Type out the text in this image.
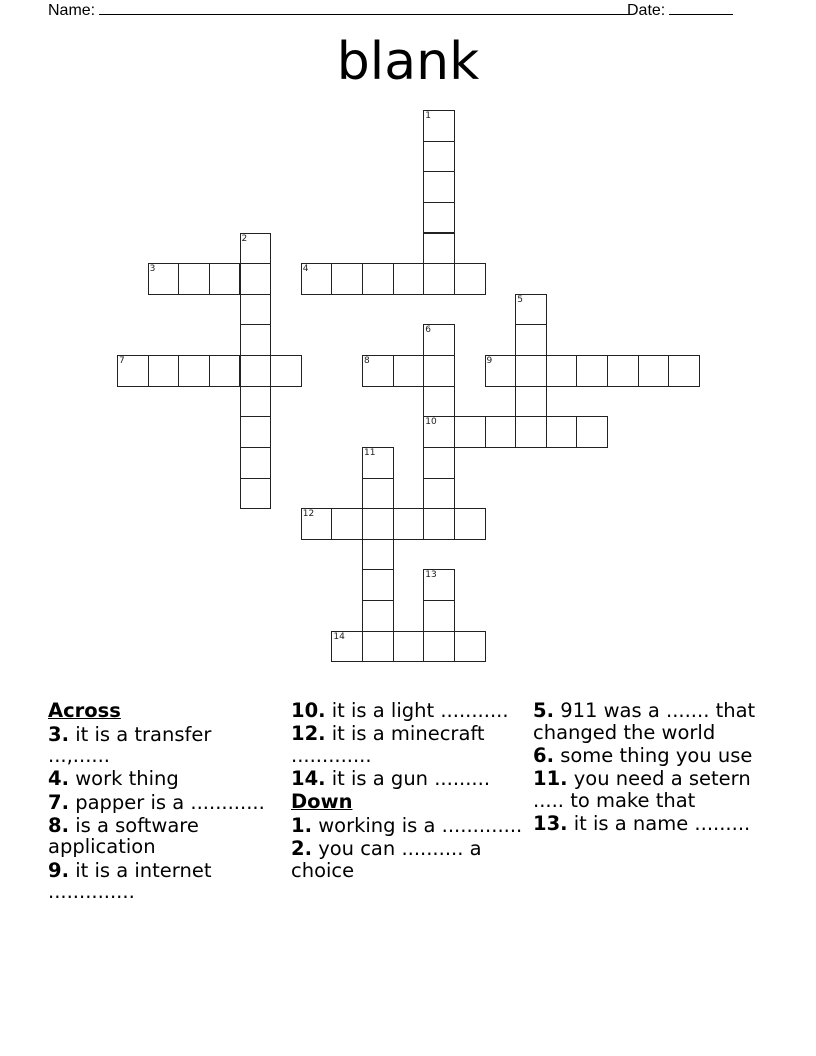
Name:	Date:
blank
1
2
3	4
5
6
10
7	8	9
11
12
13
14
Across
3. it is a transfer ...,......
4. work thing
7. papper is a ............
8. is a software application
9. it is a internet ..............
10. it is a light ...........
12. it is a minecraft .............
14. it is a gun .........
Down
1. working is a .............
2. you can .......... a choice
5. 911 was a ....... that changed the world
6. some thing you use
11. you need a setern ..... to make that
13. it is a name .........
